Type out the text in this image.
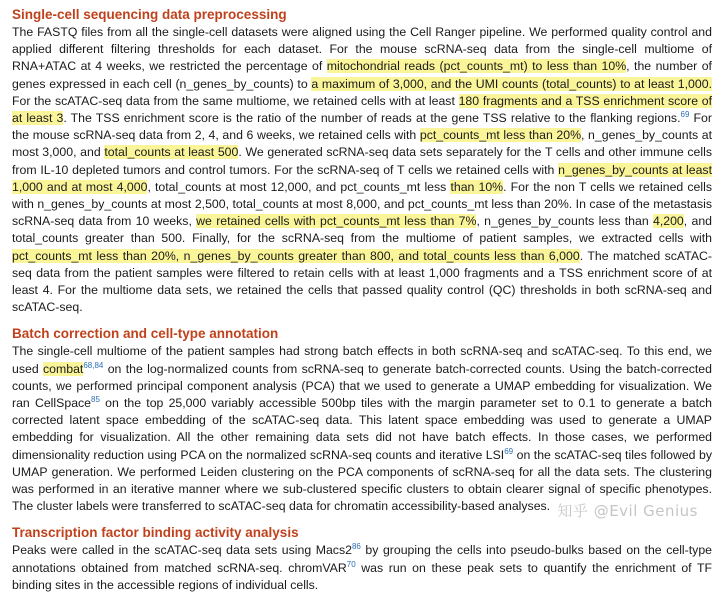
Single-cell sequencing data preprocessing

The FASTQ files from all the single-cell datasets were aligned using the Cell Ranger pipeline. We performed quality control and applied different filtering thresholds for each dataset. For the mouse scRNA-seq data from the single-cell multiome of RNA+ATAC at 4 weeks, we restricted the percentage of mitochondrial reads (pct_counts_mt) to less than 10%, the number of genes expressed in each cell (n_genes_by_counts) to a maximum of 3,000, and the UMI counts (total_counts) to at least 1,000. For the scATAC-seq data from the same multiome, we retained cells with at least 180 fragments and a TSS enrichment score of at least 3. The TSS enrichment score is the ratio of the number of reads at the gene TSS relative to the flanking regions.$^{69}$ For the mouse scRNA-seq data from 2, 4, and 6 weeks, we retained cells with pct_counts_mt less than 20%, n_genes_by_counts at most 3,000, and total_counts at least 500. We generated scRNA-seq data sets separately for the T cells and other immune cells from IL-10 depleted tumors and control tumors. For the scRNA-seq of T cells we retained cells with n_genes_by_counts at least 1,000 and at most 4,000, total_counts at most 12,000, and pct_counts_mt less than 10%. For the non T cells we retained cells with n_genes_by_counts at most 2,500, total_counts at most 8,000, and pct_counts_mt less than 20%. In case of the metastasis scRNA-seq data from 10 weeks, we retained cells with pct_counts_mt less than 7%, n_genes_by_counts less than 4,200, and total_counts greater than 500. Finally, for the scRNA-seq from the multiome of patient samples, we extracted cells with pct_counts_mt less than 20%, n_genes_by_counts greater than 800, and total_counts less than 6,000. The matched scATAC-seq data from the patient samples were filtered to retain cells with at least 1,000 fragments and a TSS enrichment score of at least 4. For the multiome data sets, we retained the cells that passed quality control (QC) thresholds in both scRNA-seq and scATAC-seq.

Batch correction and cell-type annotation

The single-cell multiome of the patient samples had strong batch effects in both scRNA-seq and scATAC-seq. To this end, we used combat$^{68,84}$ on the log-normalized counts from scRNA-seq to generate batch-corrected counts. Using the batch-corrected counts, we performed principal component analysis (PCA) that we used to generate a UMAP embedding for visualization. We ran CellSpace$^{85}$ on the top 25,000 variably accessible 500bp tiles with the margin parameter set to 0.1 to generate a batch corrected latent space embedding of the scATAC-seq data. This latent space embedding was used to generate a UMAP embedding for visualization. All the other remaining data sets did not have batch effects. In those cases, we performed dimensionality reduction using PCA on the normalized scRNA-seq counts and iterative LSI$^{69}$ on the scATAC-seq tiles followed by UMAP generation. We performed Leiden clustering on the PCA components of scRNA-seq for all the data sets. The clustering was performed in an iterative manner where we sub-clustered specific clusters to obtain clearer signal of specific phenotypes. The cluster labels were transferred to scATAC-seq data for chromatin accessibility-based analyses.

Transcription factor binding activity analysis

Peaks were called in the scATAC-seq data sets using $Macs2^{86}$ by grouping the cells into pseudo-bulks based on the cell-type annotations obtained from matched scRNA-seq. chromVAR$^{70}$ was run on these peak sets to quantify the enrichment of TF binding sites in the accessible regions of individual cells.

知乎 @Evil Genius
